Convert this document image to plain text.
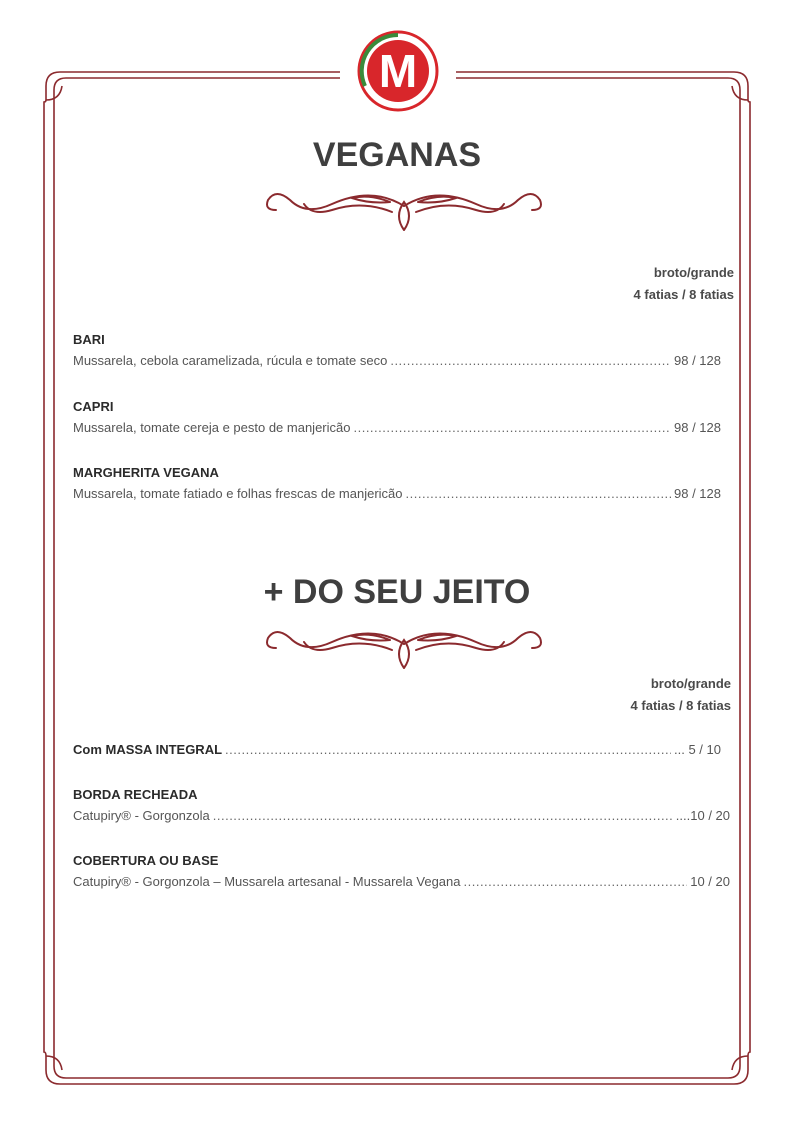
M
VEGANAS
broto/grande
4 fatias / 8 fatias
BARI
Mussarela, cebola caramelizada, rúcula e tomate seco .....	98 / 128
CAPRI
Mussarela, tomate cereja e pesto de manjericão .....	98 / 128
MARGHERITA VEGANA
Mussarela, tomate fatiado e folhas frescas de manjericão .....	98 / 128
+ DO SEU JEITO
broto/grande
4 fatias / 8 fatias
Com MASSA INTEGRAL .....	... 5 / 10
BORDA RECHEADA
Catupiry® - Gorgonzola .....	....10 / 20
COBERTURA OU BASE
Catupiry® - Gorgonzola – Mussarela artesanal - Mussarela Vegana .....	10 / 20
